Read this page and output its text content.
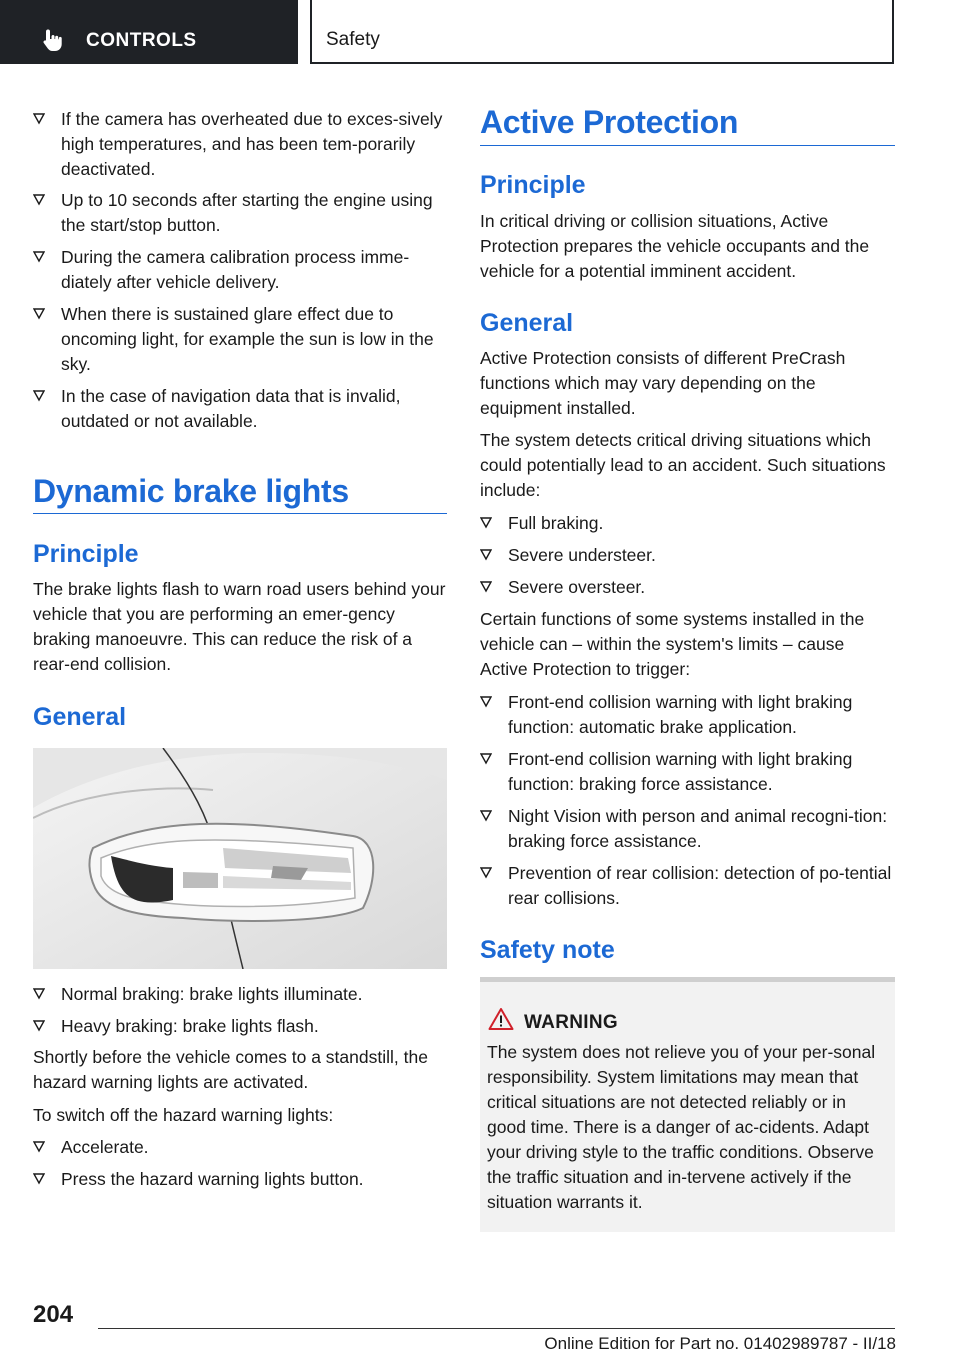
CONTROLS	Safety
If the camera has overheated due to exces-sively high temperatures, and has been tem-porarily deactivated.
Up to 10 seconds after starting the engine using the start/stop button.
During the camera calibration process imme-diately after vehicle delivery.
When there is sustained glare effect due to oncoming light, for example the sun is low in the sky.
In the case of navigation data that is invalid, outdated or not available.
Dynamic brake lights
Principle
The brake lights flash to warn road users behind your vehicle that you are performing an emer-gency braking manoeuvre. This can reduce the risk of a rear-end collision.
General
Normal braking: brake lights illuminate.
Heavy braking: brake lights flash.
Shortly before the vehicle comes to a standstill, the hazard warning lights are activated.
To switch off the hazard warning lights:
Accelerate.
Press the hazard warning lights button.
Active Protection
Principle
In critical driving or collision situations, Active Protection prepares the vehicle occupants and the vehicle for a potential imminent accident.
General
Active Protection consists of different PreCrash functions which may vary depending on the equipment installed.
The system detects critical driving situations which could potentially lead to an accident. Such situations include:
Full braking.
Severe understeer.
Severe oversteer.
Certain functions of some systems installed in the vehicle can – within the system's limits – cause Active Protection to trigger:
Front-end collision warning with light braking function: automatic brake application.
Front-end collision warning with light braking function: braking force assistance.
Night Vision with person and animal recogni-tion: braking force assistance.
Prevention of rear collision: detection of po-tential rear collisions.
Safety note
WARNING
The system does not relieve you of your per-sonal responsibility. System limitations may mean that critical situations are not detected reliably or in good time. There is a danger of ac-cidents. Adapt your driving style to the traffic conditions. Observe the traffic situation and in-tervene actively if the situation warrants it.
204
Online Edition for Part no. 01402989787 - II/18
